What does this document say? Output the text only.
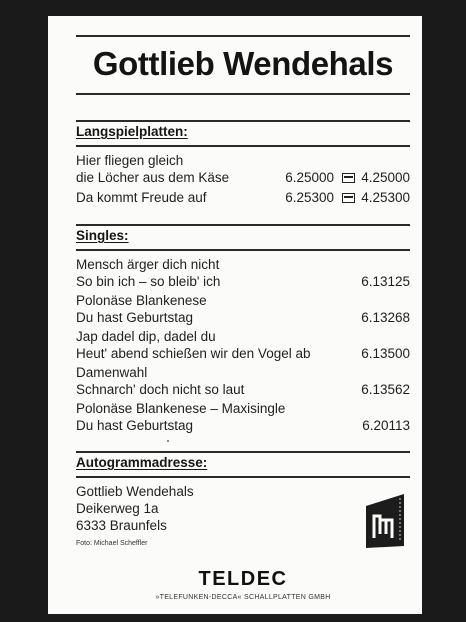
Gottlieb Wendehals
Langspielplatten:
Hier fliegen gleich
die Löcher aus dem Käse	6.25000	4.25000
Da kommt Freude auf	6.25300	4.25300
Singles:
Mensch ärger dich nicht
So bin ich – so bleib' ich	6.13125
Polonäse Blankenese
Du hast Geburtstag	6.13268
Jap dadel dip, dadel du
Heut' abend schießen wir den Vogel ab	6.13500
Damenwahl
Schnarch' doch nicht so laut	6.13562
Polonäse Blankenese – Maxisingle
Du hast Geburtstag	6.20113
Autogrammadresse:
Gottlieb Wendehals
Deikerweg 1a
6333 Braunfels
Foto: Michael Scheffler
TELDEC
»TELEFUNKEN-DECCA« SCHALLPLATTEN GMBH
